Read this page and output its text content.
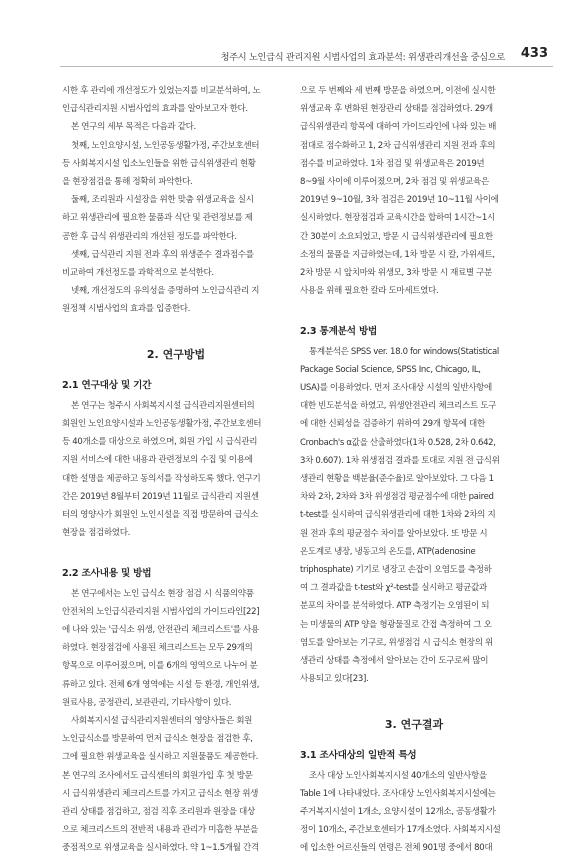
청주시 노인급식 관리지원 시범사업의 효과분석: 위생관리개선을 중심으로 433

시한 후 관리에 개선정도가 있었는지를 비교분석하여, 노

인급식관리지원 시범사업의 효과를 알아보고자 한다.

본 연구의 세부 목적은 다음과 같다.

첫째, 노인요양시설, 노인공동생활가정, 주간보호센터

등 사회복지시설 입소노인들을 위한 급식위생관리 현황

을 현장점검을 통해 정확히 파악한다.

둘째, 조리원과 시설장을 위한 맞춤 위생교육을 실시

하고 위생관리에 필요한 물품과 식단 및 관련정보를 제

공한 후 급식 위생관리의 개선된 정도를 파악한다.

셋째, 급식관리 지원 전과 후의 위생준수 결과점수를

비교하여 개선정도를 과학적으로 분석한다.

넷째, 개선정도의 유의성을 증명하여 노인급식관리 지

원정책 시범사업의 효과를 입증한다.

2. 연구방법
2.1 연구대상 및 기간

본 연구는 청주시 사회복지시설 급식관리지원센터의

회원인 노인요양시설과 노인공동생활가정, 주간보호센터

등 40개소를 대상으로 하였으며, 회원 가입 시 급식관리

지원 서비스에 대한 내용과 관련정보의 수집 및 이용에

대한 설명을 제공하고 동의서를 작성하도록 했다. 연구기

간은 2019년 8월부터 2019년 11월로 급식관리 지원센

터의 영양사가 회원인 노인시설을 직접 방문하여 급식소

현장을 점검하였다.

2.2 조사내용 및 방법

본 연구에서는 노인 급식소 현장 점검 시 식품의약품

안전처의 노인급식관리지원 시범사업의 가이드라인[22]

에 나와 있는 '급식소 위생, 안전관리 체크리스트'를 사용

하였다. 현장점검에 사용된 체크리스트는 모두 29개의

항목으로 이루어졌으며, 이를 6개의 영역으로 나누어 분

류하고 있다. 전체 6개 영역에는 시설 등 환경, 개인위생,

원료사용, 공정관리, 보관관리, 기타사항이 있다.

사회복지시설 급식관리지원센터의 영양사들은 회원

노인급식소를 방문하여 먼저 급식소 현장을 점검한 후,

그에 필요한 위생교육을 실시하고 지원물품도 제공한다.

본 연구의 조사에서도 급식센터의 회원가입 후 첫 방문

시 급식위생관리 체크리스트를 가지고 급식소 현장 위생

관리 상태를 점검하고, 점검 직후 조리원과 원장을 대상

으로 체크리스트의 전반적 내용과 관리가 미흡한 부분을

중점적으로 위생교육을 실시하였다. 약 1~1.5개월 간격

으로 두 번째와 세 번째 방문을 하였으며, 이전에 실시한

위생교육 후 변화된 현장관리 상태를 점검하였다. 29개

급식위생관리 항목에 대하여 가이드라인에 나와 있는 배

점대로 점수화하고 1, 2차 급식위생관리 지원 전과 후의

점수를 비교하였다. 1차 점검 및 위생교육은 2019년

8~9월 사이에 이루어졌으며, 2차 점검 및 위생교육은

2019년 9~10월, 3차 점검은 2019년 10~11월 사이에

실시하였다. 현장점검과 교육시간을 합하여 1시간~1시

간 30분이 소요되었고, 방문 시 급식위생관리에 필요한

소정의 물품을 지급하였는데, 1차 방문 시 칼, 가위세트,

2차 방문 시 앞치마와 위생모, 3차 방문 시 재료별 구분

사용을 위해 필요한 칼라 도마세트였다.

2.3 통계분석 방법

통계분석은 SPSS ver. 18.0 for windows(Statistical

Package Social Science, SPSS Inc, Chicago, IL,

USA)를 이용하였다. 먼저 조사대상 시설의 일반사항에

대한 빈도분석을 하였고, 위생안전관리 체크리스트 도구

에 대한 신뢰성을 검증하기 위하여 29개 항목에 대한

Cronbach's α값을 산출하였다(1차 0.528, 2차 0.642,

3차 0.607). 1차 위생점검 결과를 토대로 지원 전 급식위

생관리 현황을 백분율(준수율)로 알아보았다. 그 다음 1

차와 2차, 2차와 3차 위생점검 평균점수에 대한 paired

t-test를 실시하여 급식위생관리에 대한 1차와 2차의 지

원 전과 후의 평균점수 차이를 알아보았다. 또 방문 시

온도계로 냉장, 냉동고의 온도를, ATP(adenosine

triphosphate) 기기로 냉장고 손잡이 오염도를 측정하

여 그 결과값을 t-test와 χ²-test를 실시하고 평균값과

분포의 차이를 분석하였다. ATP 측정기는 오염된이 되

는 미생물의 ATP 양을 형광물질로 간접 측정하여 그 오

염도를 알아보는 기구로, 위생점검 시 급식소 현장의 위

생관리 상태를 측정에서 알아보는 간이 도구로써 많이

사용되고 있다[23].

3. 연구결과
3.1 조사대상의 일반적 특성

조사 대상 노인사회복지시설 40개소의 일반사항을

Table 1에 나타내었다. 조사대상 노인사회복지시설에는

주거복지시설이 1개소, 요양시설이 12개소, 공동생활가

정이 10개소, 주간보호센터가 17개소였다. 사회복지시설

에 입소한 어르신들의 연령은 전체 901명 중에서 80대
